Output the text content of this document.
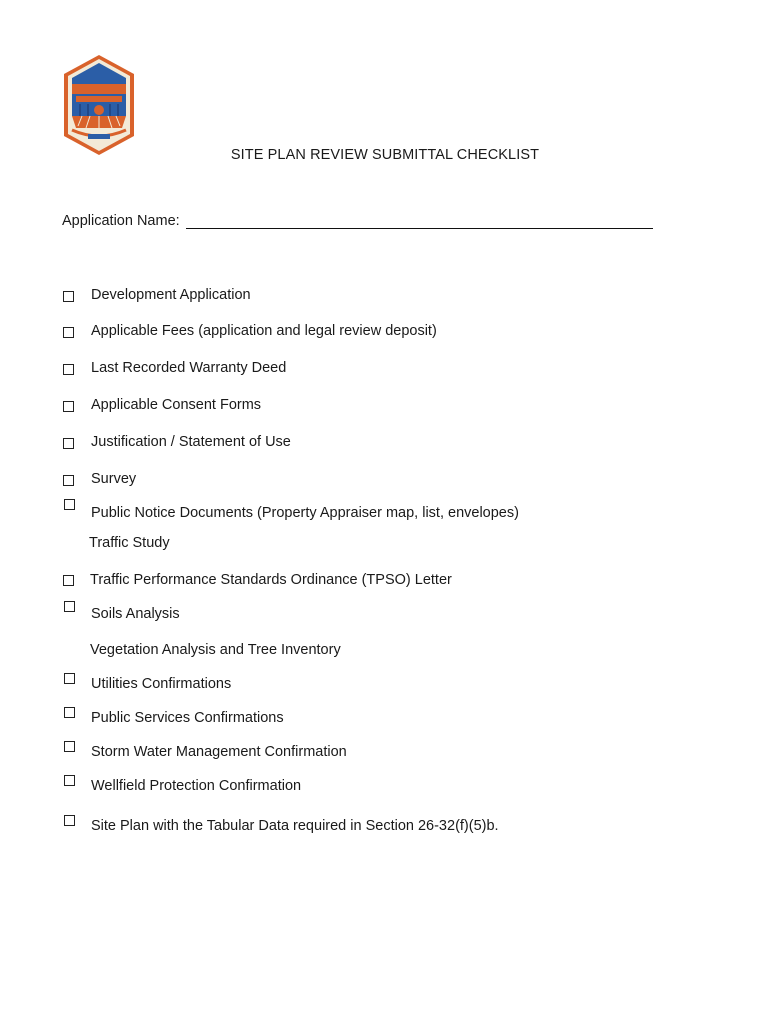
SITE PLAN REVIEW SUBMITTAL CHECKLIST
Application Name:
Development Application
Applicable Fees (application and legal review deposit)
Last Recorded Warranty Deed
Applicable Consent Forms
Justification / Statement of Use
Survey
Public Notice Documents (Property Appraiser map, list, envelopes)
Traffic Study
Traffic Performance Standards Ordinance (TPSO) Letter
Soils Analysis
Vegetation Analysis and Tree Inventory
Utilities Confirmations
Public Services Confirmations
Storm Water Management Confirmation
Wellfield Protection Confirmation
Site Plan with the Tabular Data required in Section 26-32(f)(5)b.
